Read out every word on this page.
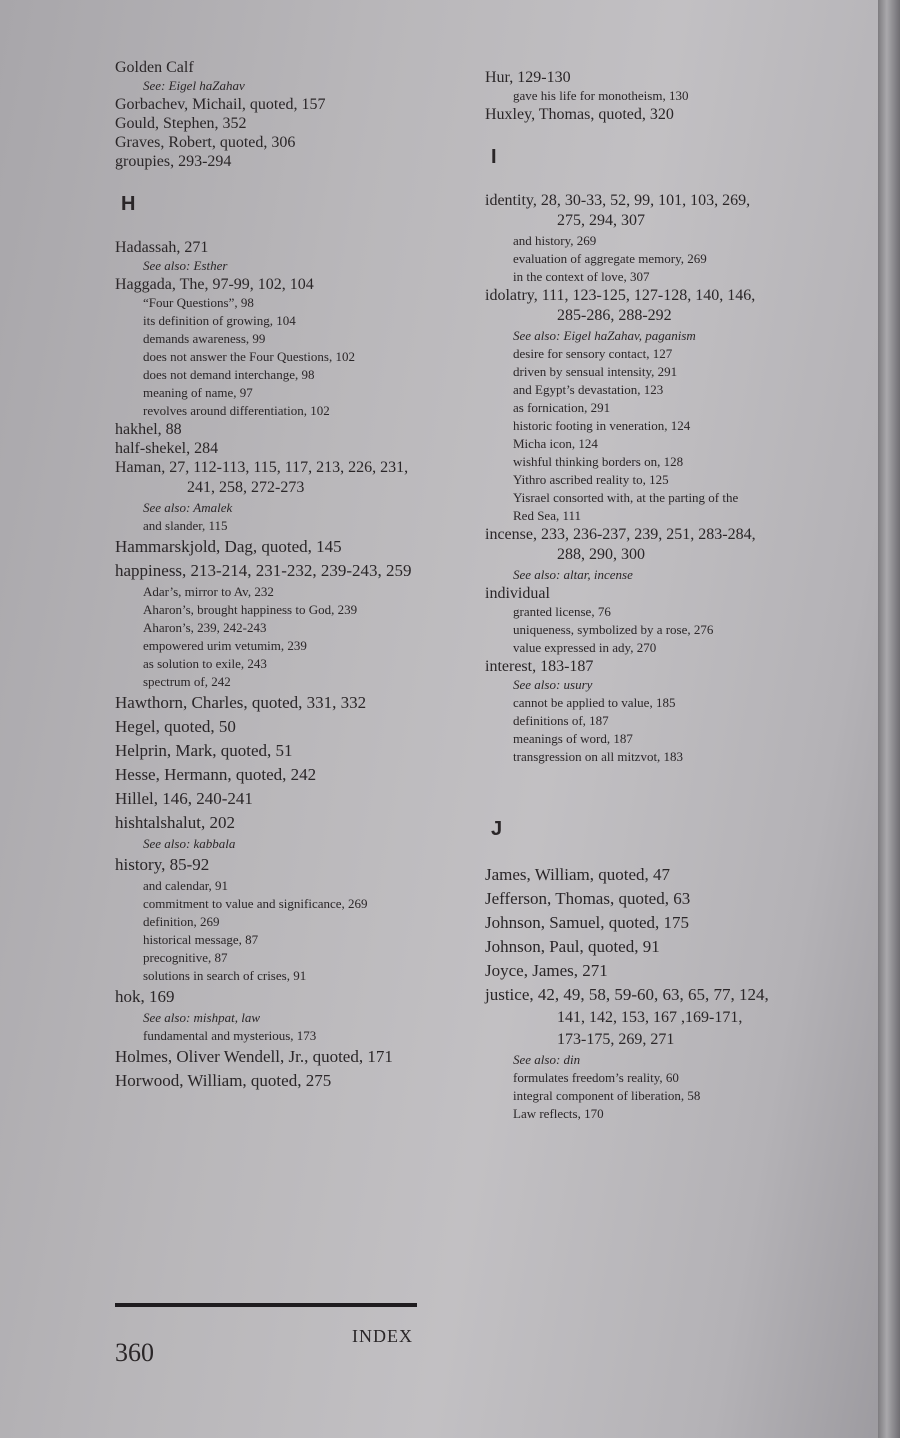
Golden Calf
See: Eigel haZahav
Gorbachev, Michail, quoted, 157
Gould, Stephen, 352
Graves, Robert, quoted, 306
groupies, 293-294
H
Hadassah, 271
See also: Esther
Haggada, The, 97-99, 102, 104
“Four Questions”, 98
its definition of growing, 104
demands awareness, 99
does not answer the Four Questions, 102
does not demand interchange, 98
meaning of name, 97
revolves around differentiation, 102
hakhel, 88
half-shekel, 284
Haman, 27, 112-113, 115, 117, 213, 226, 231,
241, 258, 272-273
See also: Amalek
and slander, 115
Hammarskjold, Dag, quoted, 145
happiness, 213-214, 231-232, 239-243, 259
Adar’s, mirror to Av, 232
Aharon’s, brought happiness to God, 239
Aharon’s, 239, 242-243
empowered urim vetumim, 239
as solution to exile, 243
spectrum of, 242
Hawthorn, Charles, quoted, 331, 332
Hegel, quoted, 50
Helprin, Mark, quoted, 51
Hesse, Hermann, quoted, 242
Hillel, 146, 240-241
hishtalshalut, 202
See also: kabbala
history, 85-92
and calendar, 91
commitment to value and significance, 269
definition, 269
historical message, 87
precognitive, 87
solutions in search of crises, 91
hok, 169
See also: mishpat, law
fundamental and mysterious, 173
Holmes, Oliver Wendell, Jr., quoted, 171
Horwood, William, quoted, 275
Hur, 129-130
gave his life for monotheism, 130
Huxley, Thomas, quoted, 320
I
identity, 28, 30-33, 52, 99, 101, 103, 269,
275, 294, 307
and history, 269
evaluation of aggregate memory, 269
in the context of love, 307
idolatry, 111, 123-125, 127-128, 140, 146,
285-286, 288-292
See also: Eigel haZahav, paganism
desire for sensory contact, 127
driven by sensual intensity, 291
and Egypt’s devastation, 123
as fornication, 291
historic footing in veneration, 124
Micha icon, 124
wishful thinking borders on, 128
Yithro ascribed reality to, 125
Yisrael consorted with, at the parting of the
Red Sea, 111
incense, 233, 236-237, 239, 251, 283-284,
288, 290, 300
See also: altar, incense
individual
granted license, 76
uniqueness, symbolized by a rose, 276
value expressed in ady, 270
interest, 183-187
See also: usury
cannot be applied to value, 185
definitions of, 187
meanings of word, 187
transgression on all mitzvot, 183
J
James, William, quoted, 47
Jefferson, Thomas, quoted, 63
Johnson, Samuel, quoted, 175
Johnson, Paul, quoted, 91
Joyce, James, 271
justice, 42, 49, 58, 59-60, 63, 65, 77, 124,
141, 142, 153, 167 ,169-171,
173-175, 269, 271
See also: din
formulates freedom’s reality, 60
integral component of liberation, 58
Law reflects, 170
360
INDEX
